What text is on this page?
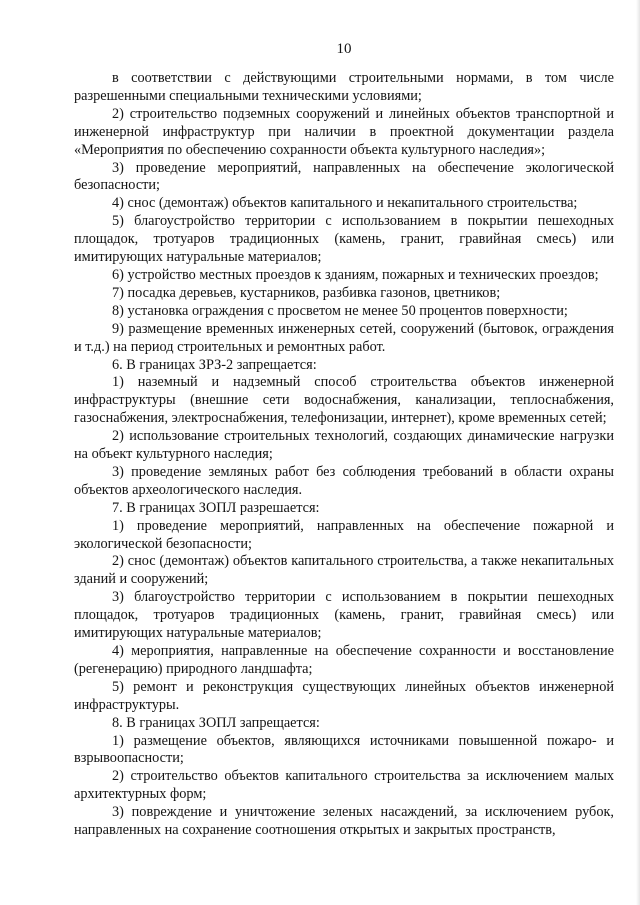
10

в соответствии с действующими строительными нормами, в том числе разрешенными специальными техническими условиями;

2) строительство подземных сооружений и линейных объектов транспортной и инженерной инфраструктур при наличии в проектной документации раздела «Мероприятия по обеспечению сохранности объекта культурного наследия»;

3) проведение мероприятий, направленных на обеспечение экологической безопасности;

4) снос (демонтаж) объектов капитального и некапитального строительства;

5) благоустройство территории с использованием в покрытии пешеходных площадок, тротуаров традиционных (камень, гранит, гравийная смесь) или имитирующих натуральные материалов;

6) устройство местных проездов к зданиям, пожарных и технических проездов;

7) посадка деревьев, кустарников, разбивка газонов, цветников;

8) установка ограждения с просветом не менее 50 процентов поверхности;

9) размещение временных инженерных сетей, сооружений (бытовок, ограждения и т.д.) на период строительных и ремонтных работ.

6. В границах ЗРЗ-2 запрещается:

1) наземный и надземный способ строительства объектов инженерной инфраструктуры (внешние сети водоснабжения, канализации, теплоснабжения, газоснабжения, электроснабжения, телефонизации, интернет), кроме временных сетей;

2) использование строительных технологий, создающих динамические нагрузки на объект культурного наследия;

3) проведение земляных работ без соблюдения требований в области охраны объектов археологического наследия.

7. В границах ЗОПЛ разрешается:

1) проведение мероприятий, направленных на обеспечение пожарной и экологической безопасности;

2) снос (демонтаж) объектов капитального строительства, а также некапитальных зданий и сооружений;

3) благоустройство территории с использованием в покрытии пешеходных площадок, тротуаров традиционных (камень, гранит, гравийная смесь) или имитирующих натуральные материалов;

4) мероприятия, направленные на обеспечение сохранности и восстановление (регенерацию) природного ландшафта;

5) ремонт и реконструкция существующих линейных объектов инженерной инфраструктуры.

8. В границах ЗОПЛ запрещается:

1) размещение объектов, являющихся источниками повышенной пожаро- и взрывоопасности;

2) строительство объектов капитального строительства за исключением малых архитектурных форм;

3) повреждение и уничтожение зеленых насаждений, за исключением рубок, направленных на сохранение соотношения открытых и закрытых пространств,
